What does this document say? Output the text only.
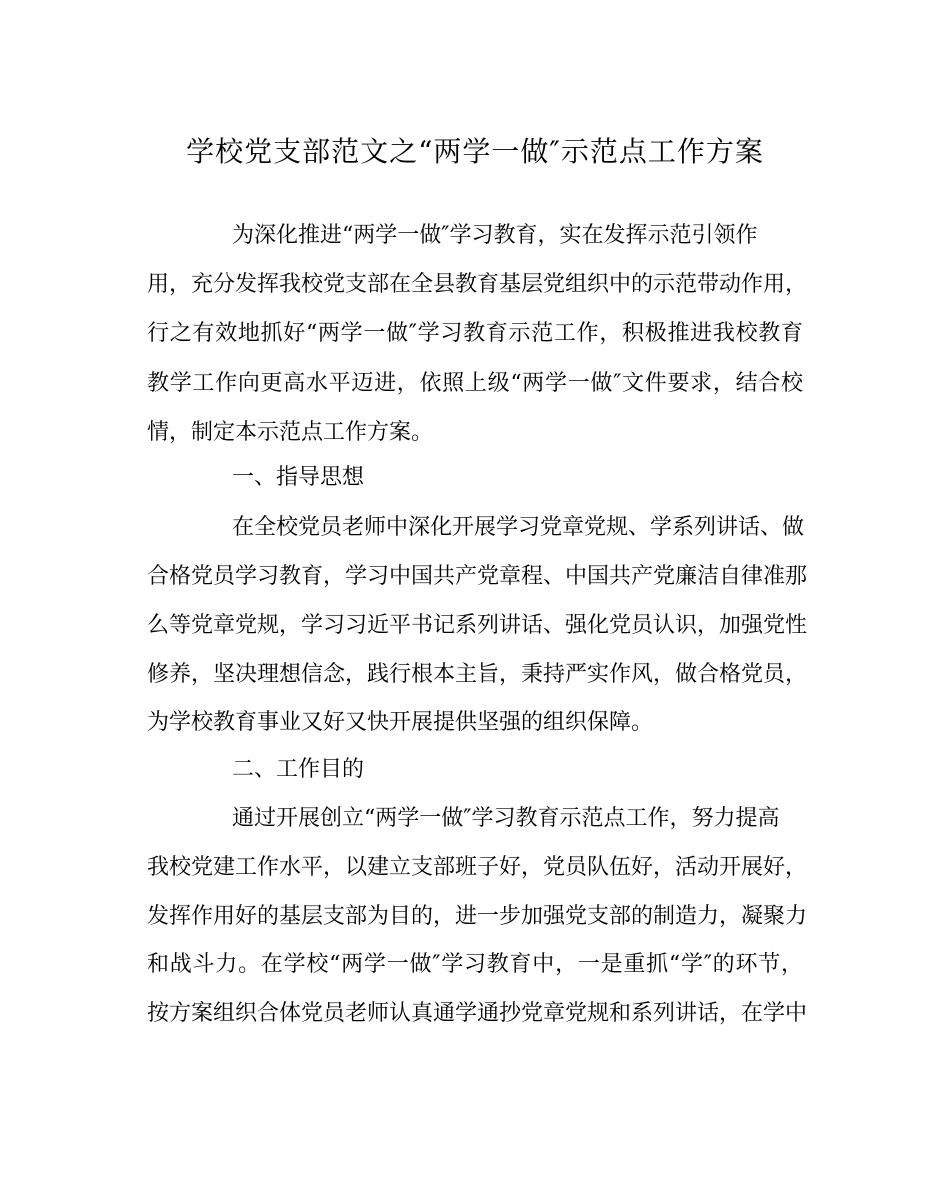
学校党支部范文之“两学一做″示范点工作方案

为深化推进“两学一做″学习教育，实在发挥示范引领作

用，充分发挥我校党支部在全县教育基层党组织中的示范带动作用，

行之有效地抓好“两学一做″学习教育示范工作，积极推进我校教育

教学工作向更高水平迈进，依照上级“两学一做″文件要求，结合校

情，制定本示范点工作方案。

一、指导思想

在全校党员老师中深化开展学习党章党规、学系列讲话、做

合格党员学习教育，学习中国共产党章程、中国共产党廉洁自律准那

么等党章党规，学习习近平书记系列讲话、强化党员认识，加强党性

修养，坚决理想信念，践行根本主旨，秉持严实作风，做合格党员，

为学校教育事业又好又快开展提供坚强的组织保障。

二、工作目的

通过开展创立“两学一做″学习教育示范点工作，努力提高

我校党建工作水平，以建立支部班子好，党员队伍好，活动开展好，

发挥作用好的基层支部为目的，进一步加强党支部的制造力，凝聚力

和战斗力。在学校“两学一做″学习教育中，一是重抓“学″的环节，

按方案组织合体党员老师认真通学通抄党章党规和系列讲话，在学中
